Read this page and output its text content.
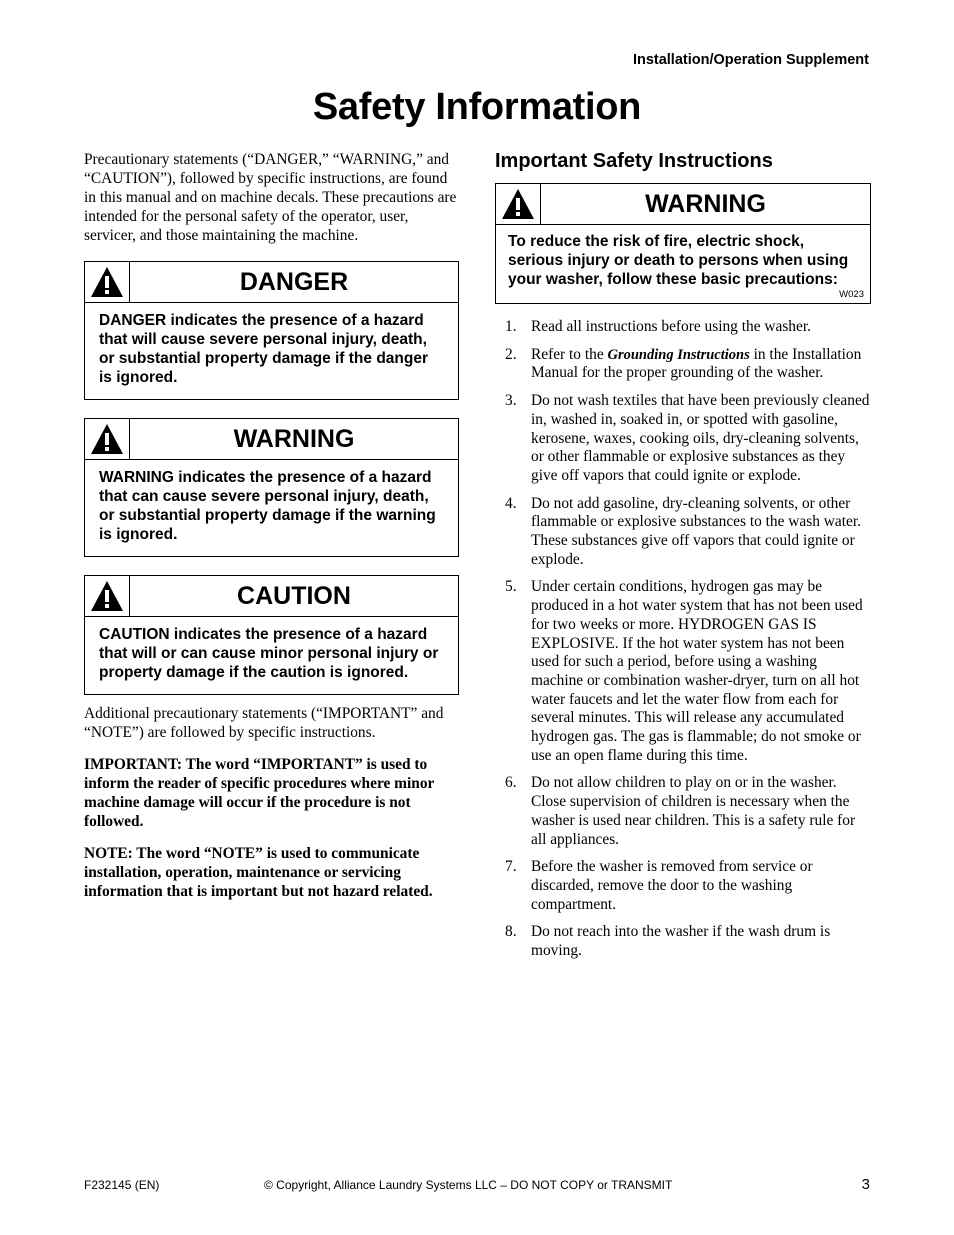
Installation/Operation Supplement
Safety Information

Precautionary statements (“DANGER,” “WARNING,” and “CAUTION”), followed by specific instructions, are found in this manual and on machine decals. These precautions are intended for the personal safety of the operator, user, servicer, and those maintaining the machine.

DANGER
DANGER indicates the presence of a hazard that will cause severe personal injury, death, or substantial property damage if the danger is ignored.
WARNING
WARNING indicates the presence of a hazard that can cause severe personal injury, death, or substantial property damage if the warning is ignored.
CAUTION
CAUTION indicates the presence of a hazard that will or can cause minor personal injury or property damage if the caution is ignored.

Additional precautionary statements (“IMPORTANT” and “NOTE”) are followed by specific instructions.

IMPORTANT: The word “IMPORTANT” is used to inform the reader of specific procedures where minor machine damage will occur if the procedure is not followed.

NOTE: The word “NOTE” is used to communicate installation, operation, maintenance or servicing information that is important but not hazard related.

Important Safety Instructions
WARNING
To reduce the risk of fire, electric shock, serious injury or death to persons when using your washer, follow these basic precautions:
W023
1. Read all instructions before using the washer.
2. Refer to the Grounding Instructions in the Installation Manual for the proper grounding of the washer.
3. Do not wash textiles that have been previously cleaned in, washed in, soaked in, or spotted with gasoline, kerosene, waxes, cooking oils, dry-cleaning solvents, or other flammable or explosive substances as they give off vapors that could ignite or explode.
4. Do not add gasoline, dry-cleaning solvents, or other flammable or explosive substances to the wash water. These substances give off vapors that could ignite or explode.
5. Under certain conditions, hydrogen gas may be produced in a hot water system that has not been used for two weeks or more. HYDROGEN GAS IS EXPLOSIVE. If the hot water system has not been used for such a period, before using a washing machine or combination washer-dryer, turn on all hot water faucets and let the water flow from each for several minutes. This will release any accumulated hydrogen gas. The gas is flammable; do not smoke or use an open flame during this time.
6. Do not allow children to play on or in the washer. Close supervision of children is necessary when the washer is used near children. This is a safety rule for all appliances.
7. Before the washer is removed from service or discarded, remove the door to the washing compartment.
8. Do not reach into the washer if the wash drum is moving.
F232145 (EN)	© Copyright, Alliance Laundry Systems LLC – DO NOT COPY or TRANSMIT	3
